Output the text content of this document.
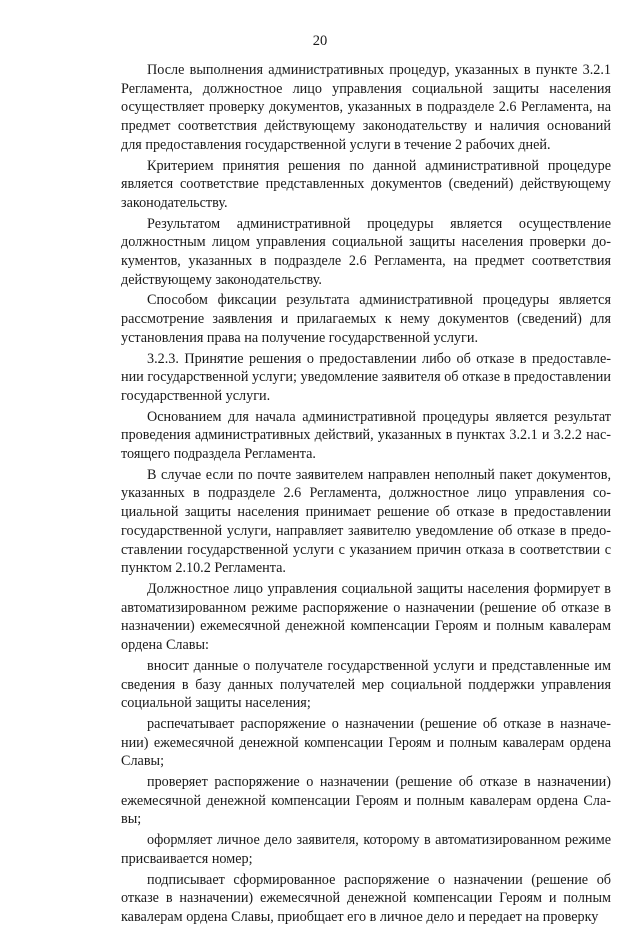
20

После выполнения административных процедур, указанных в пункте 3.2.1 Регламента, должностное лицо управления социальной защиты населения осуществляет проверку документов, указанных в подразделе 2.6 Регламента, на предмет соответствия действующему законодательству и наличия оснований для предоставления государственной услуги в течение 2 рабочих дней.

Критерием принятия решения по данной административной процедуре является соответствие представленных документов (сведений) действующему законодательству.

Результатом административной процедуры является осуществление должностным лицом управления социальной защиты населения проверки документов, указанных в подразделе 2.6 Регламента, на предмет соответствия действующему законодательству.

Способом фиксации результата административной процедуры является рассмотрение заявления и прилагаемых к нему документов (сведений) для установления права на получение государственной услуги.

3.2.3. Принятие решения о предоставлении либо об отказе в предоставлении государственной услуги; уведомление заявителя об отказе в предоставлении государственной услуги.

Основанием для начала административной процедуры является результат проведения административных действий, указанных в пунктах 3.2.1 и 3.2.2 настоящего подраздела Регламента.

В случае если по почте заявителем направлен неполный пакет документов, указанных в подразделе 2.6 Регламента, должностное лицо управления социальной защиты населения принимает решение об отказе в предоставлении государственной услуги, направляет заявителю уведомление об отказе в предоставлении государственной услуги с указанием причин отказа в соответствии с пунктом 2.10.2 Регламента.

Должностное лицо управления социальной защиты населения формирует в автоматизированном режиме распоряжение о назначении (решение об отказе в назначении) ежемесячной денежной компенсации Героям и полным кавалерам ордена Славы:

вносит данные о получателе государственной услуги и представленные им сведения в базу данных получателей мер социальной поддержки управления социальной защиты населения;

распечатывает распоряжение о назначении (решение об отказе в назначении) ежемесячной денежной компенсации Героям и полным кавалерам ордена Славы;

проверяет распоряжение о назначении (решение об отказе в назначении) ежемесячной денежной компенсации Героям и полным кавалерам ордена Славы;

оформляет личное дело заявителя, которому в автоматизированном режиме присваивается номер;

подписывает сформированное распоряжение о назначении (решение об отказе в назначении) ежемесячной денежной компенсации Героям и полным кавалерам ордена Славы, приобщает его в личное дело и передает на проверку
